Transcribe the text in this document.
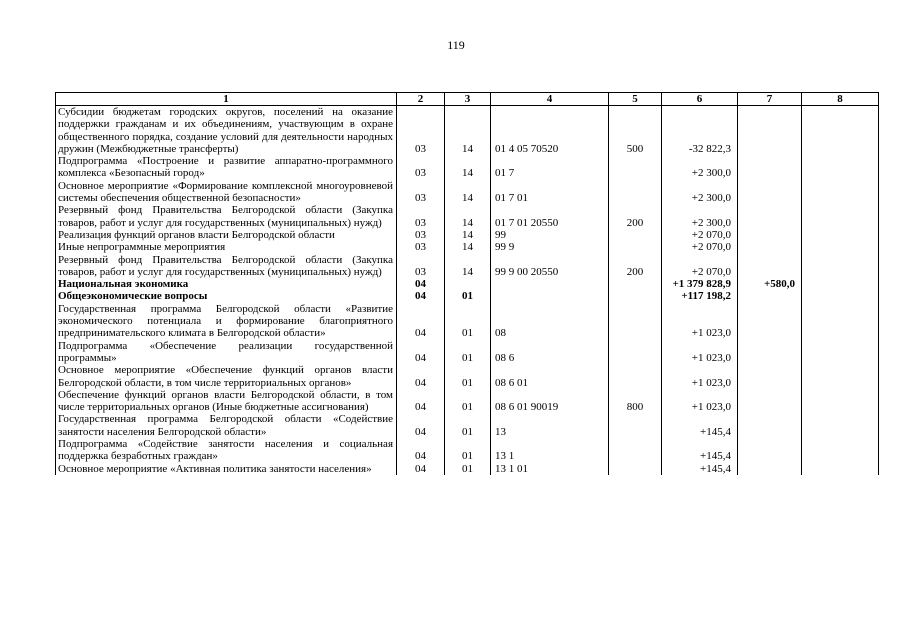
119
1	2	3	4	5	6	7	8
Субсидии бюджетам городских округов, поселений на оказание поддержки гражданам и их объединениям, участвующим в охране общественного порядка, создание условий для деятельности народных дружин (Межбюджетные трансферты)	03	14	01 4 05 70520	500	-32 822,3		
Подпрограмма «Построение и развитие аппаратно-программного комплекса «Безопасный город»	03	14	01 7		+2 300,0		
Основное мероприятие «Формирование комплексной многоуровневой системы обеспечения общественной безопасности»	03	14	01 7 01		+2 300,0		
Резервный фонд Правительства Белгородской области (Закупка товаров, работ и услуг для государственных (муниципальных) нужд)	03	14	01 7 01 20550	200	+2 300,0		
Реализация функций органов власти Белгородской области	03	14	99		+2 070,0		
Иные непрограммные мероприятия	03	14	99 9		+2 070,0		
Резервный фонд Правительства Белгородской области (Закупка товаров, работ и услуг для государственных (муниципальных) нужд)	03	14	99 9 00 20550	200	+2 070,0		
Национальная экономика	04				+1 379 828,9	+580,0	
Общеэкономические вопросы	04	01			+117 198,2		
Государственная программа Белгородской области «Развитие экономического потенциала и формирование благоприятного предпринимательского климата в Белгородской области»	04	01	08		+1 023,0		
Подпрограмма «Обеспечение реализации государственной программы»	04	01	08 6		+1 023,0		
Основное мероприятие «Обеспечение функций органов власти Белгородской области, в том числе территориальных органов»	04	01	08 6 01		+1 023,0		
Обеспечение функций органов власти Белгородской области, в том числе территориальных органов (Иные бюджетные ассигнования)	04	01	08 6 01 90019	800	+1 023,0		
Государственная программа Белгородской области «Содействие занятости населения Белгородской области»	04	01	13		+145,4		
Подпрограмма «Содействие занятости населения и социальная поддержка безработных граждан»	04	01	13 1		+145,4		
Основное мероприятие «Активная политика занятости населения»	04	01	13 1 01		+145,4		
